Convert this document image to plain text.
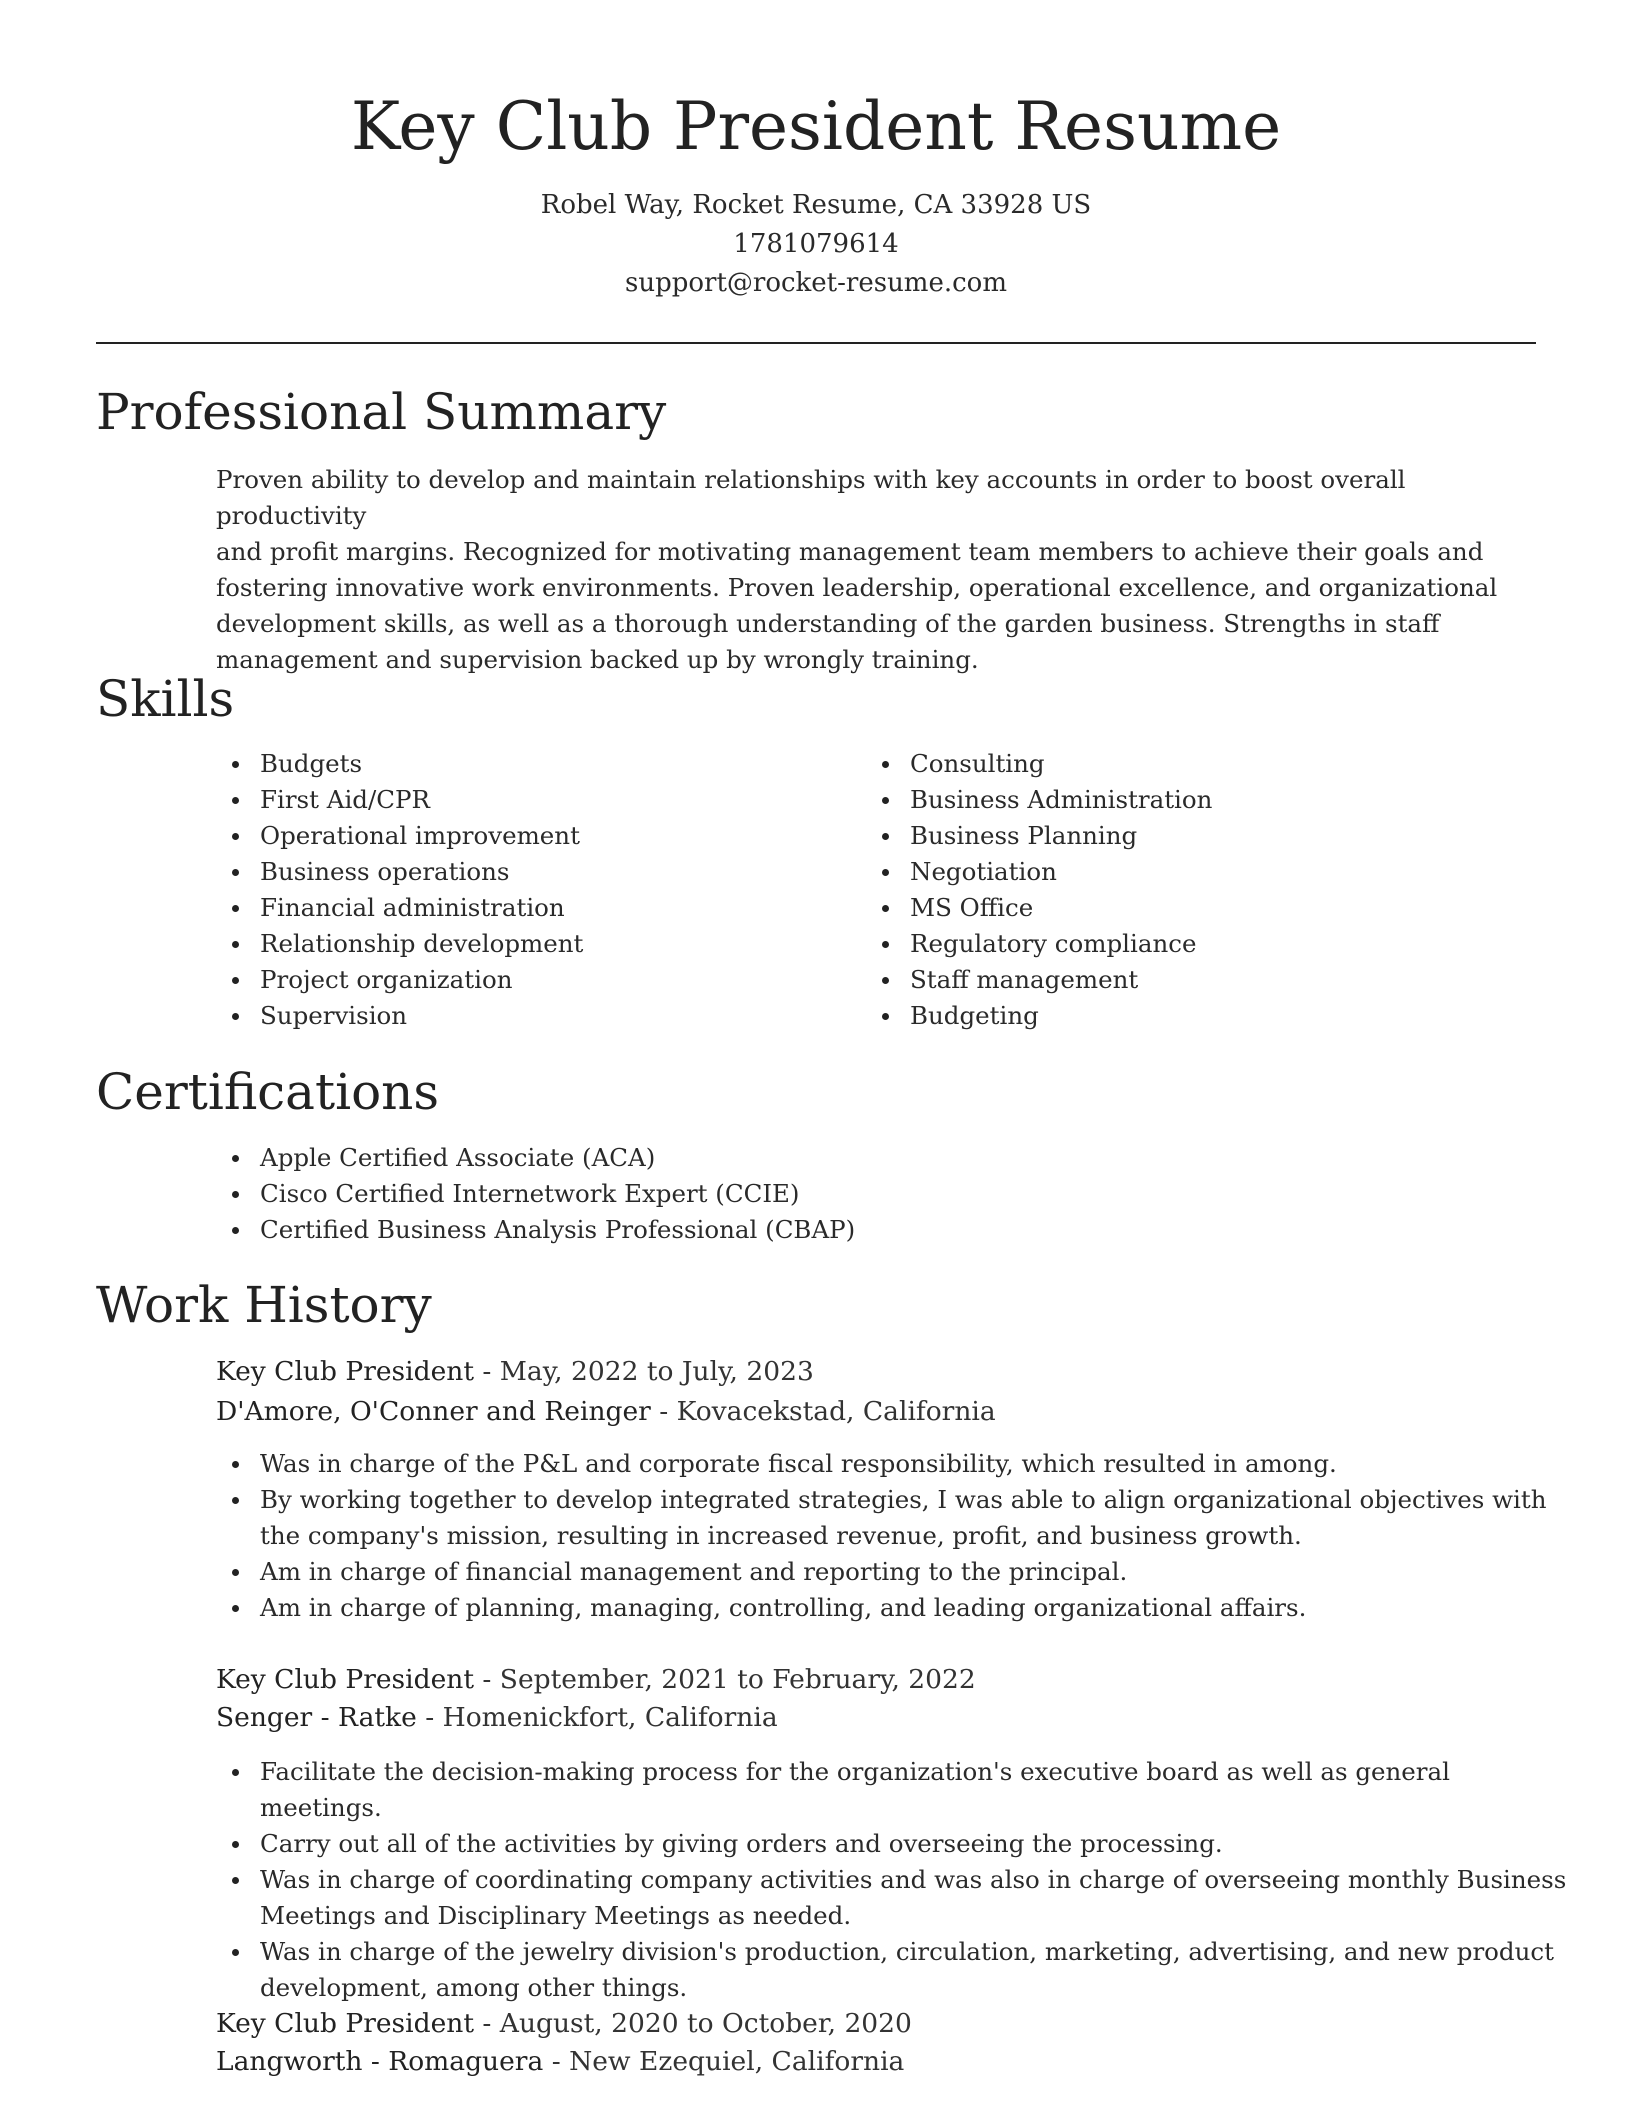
Key Club President Resume
Robel Way, Rocket Resume, CA 33928 US
1781079614
support@rocket-resume.com
Professional Summary
Proven ability to develop and maintain relationships with key accounts in order to boost overall productivity
and profit margins. Recognized for motivating management team members to achieve their goals and
fostering innovative work environments. Proven leadership, operational excellence, and organizational
development skills, as well as a thorough understanding of the garden business. Strengths in staff
management and supervision backed up by wrongly training.
Skills
Budgets
First Aid/CPR
Operational improvement
Business operations
Financial administration
Relationship development
Project organization
Supervision
Consulting
Business Administration
Business Planning
Negotiation
MS Office
Regulatory compliance
Staff management
Budgeting
Certifications
Apple Certified Associate (ACA)
Cisco Certified Internetwork Expert (CCIE)
Certified Business Analysis Professional (CBAP)
Work History
Key Club President - May, 2022 to July, 2023
D'Amore, O'Conner and Reinger - Kovacekstad, California
Was in charge of the P&L and corporate fiscal responsibility, which resulted in among.
By working together to develop integrated strategies, I was able to align organizational objectives with the company's mission, resulting in increased revenue, profit, and business growth.
Am in charge of financial management and reporting to the principal.
Am in charge of planning, managing, controlling, and leading organizational affairs.
Key Club President - September, 2021 to February, 2022
Senger - Ratke - Homenickfort, California
Facilitate the decision-making process for the organization's executive board as well as general meetings.
Carry out all of the activities by giving orders and overseeing the processing.
Was in charge of coordinating company activities and was also in charge of overseeing monthly Business Meetings and Disciplinary Meetings as needed.
Was in charge of the jewelry division's production, circulation, marketing, advertising, and new product development, among other things.
Key Club President - August, 2020 to October, 2020
Langworth - Romaguera - New Ezequiel, California
